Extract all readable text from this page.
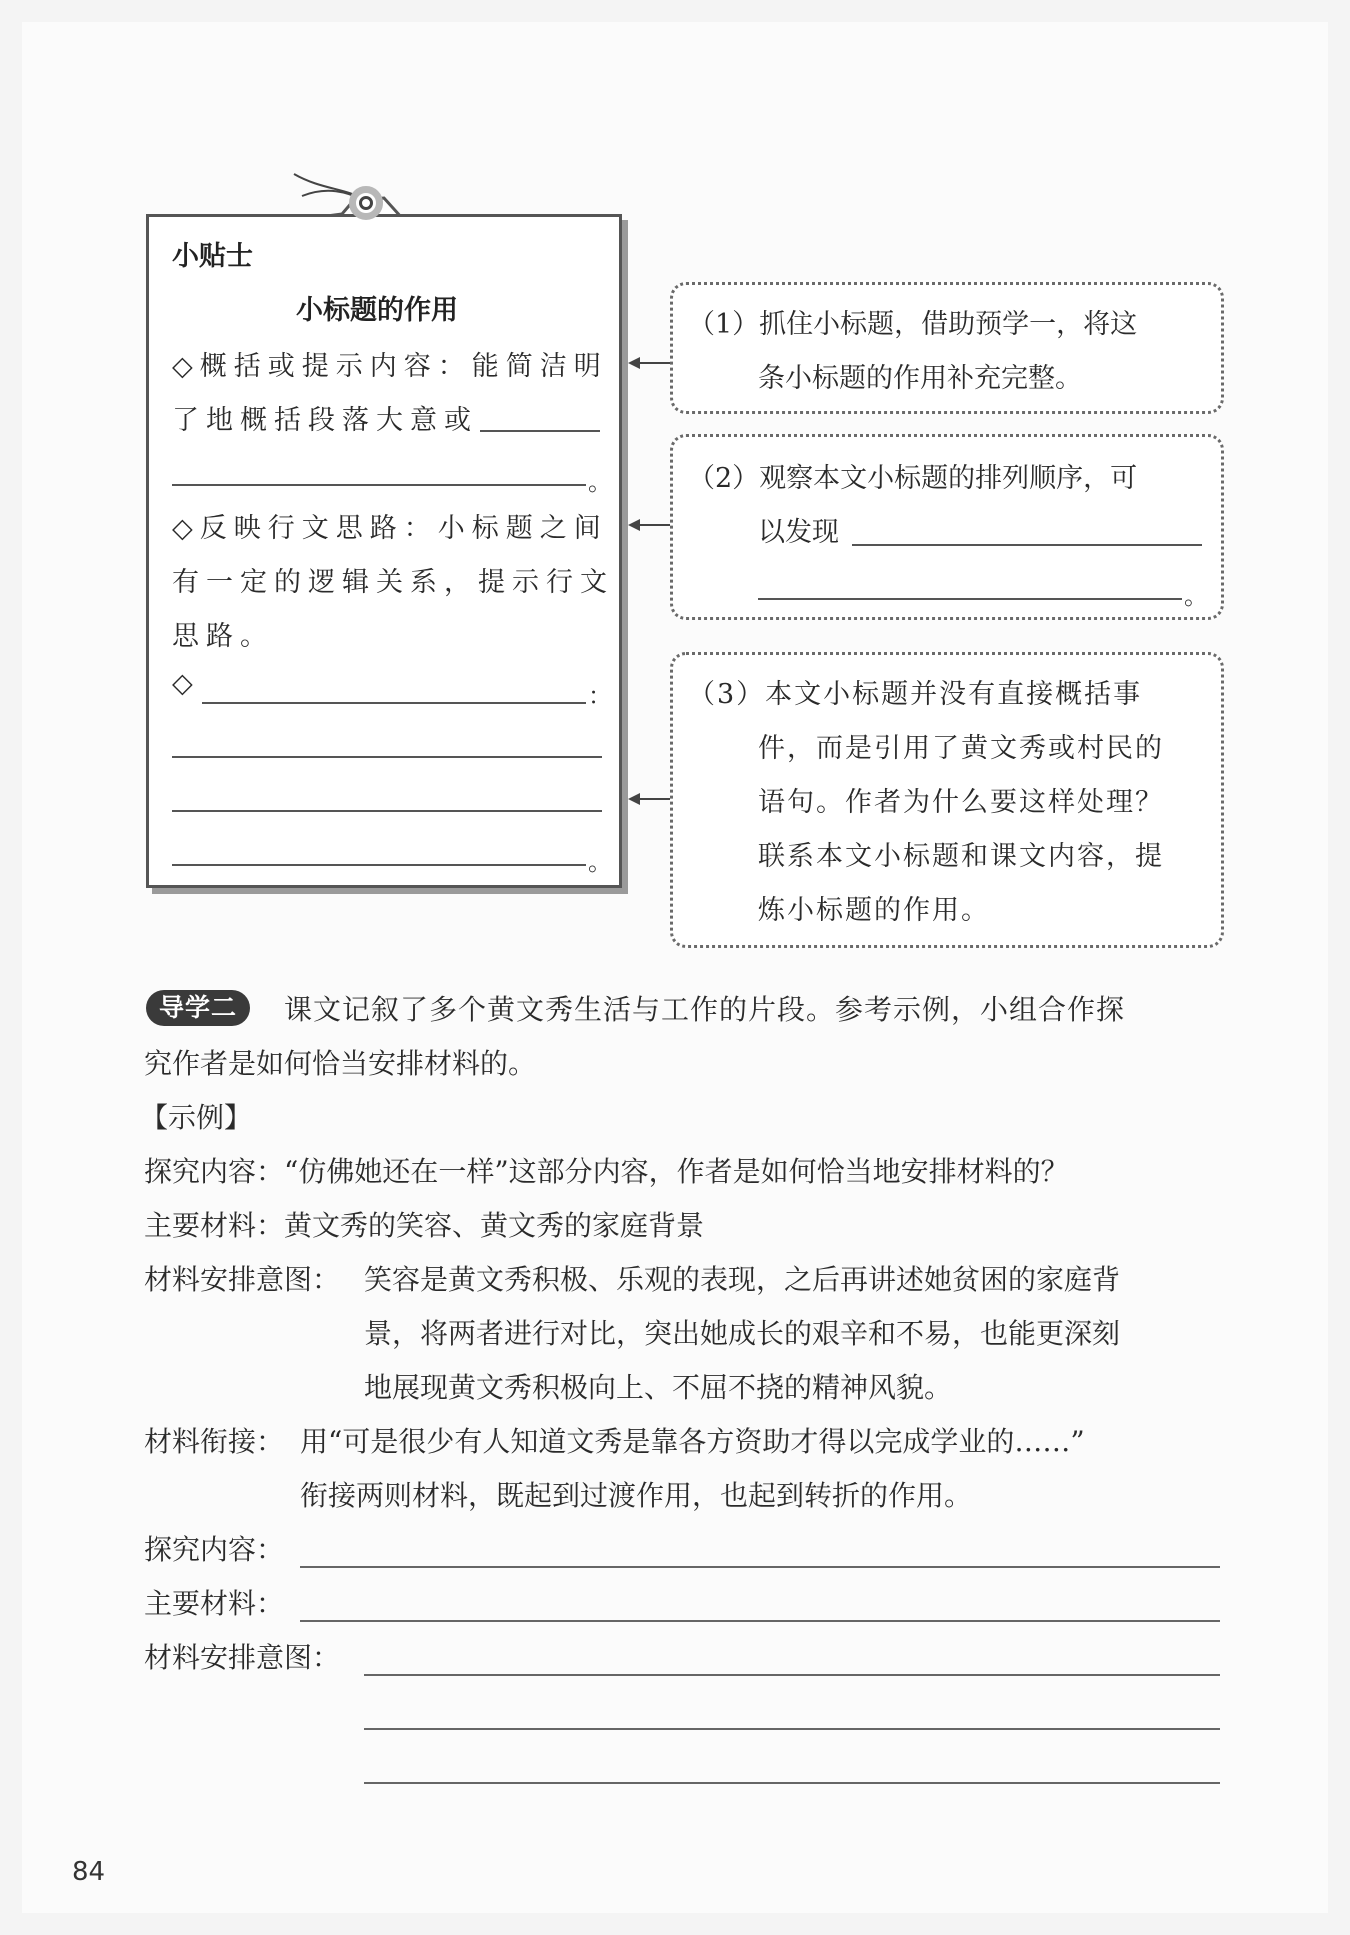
小贴士
小标题的作用
◇概括或提示内容：能简洁明
了地概括段落大意或
。
◇反映行文思路：小标题之间
有一定的逻辑关系，提示行文
思路。
◇	：
。
（1）抓住小标题，借助预学一，将这
条小标题的作用补充完整。
（2）观察本文小标题的排列顺序，可
以发现
。
（3）本文小标题并没有直接概括事
件，而是引用了黄文秀或村民的
语句。作者为什么要这样处理？
联系本文小标题和课文内容，提
炼小标题的作用。
导学二	课文记叙了多个黄文秀生活与工作的片段。参考示例，小组合作探
究作者是如何恰当安排材料的。
【示例】
探究内容：“仿佛她还在一样”这部分内容，作者是如何恰当地安排材料的？
主要材料：黄文秀的笑容、黄文秀的家庭背景
材料安排意图： 笑容是黄文秀积极、乐观的表现，之后再讲述她贫困的家庭背
景，将两者进行对比，突出她成长的艰辛和不易，也能更深刻
地展现黄文秀积极向上、不屈不挠的精神风貌。
材料衔接： 用“可是很少有人知道文秀是靠各方资助才得以完成学业的……”
衔接两则材料，既起到过渡作用，也起到转折的作用。
探究内容：
主要材料：
材料安排意图：
84
